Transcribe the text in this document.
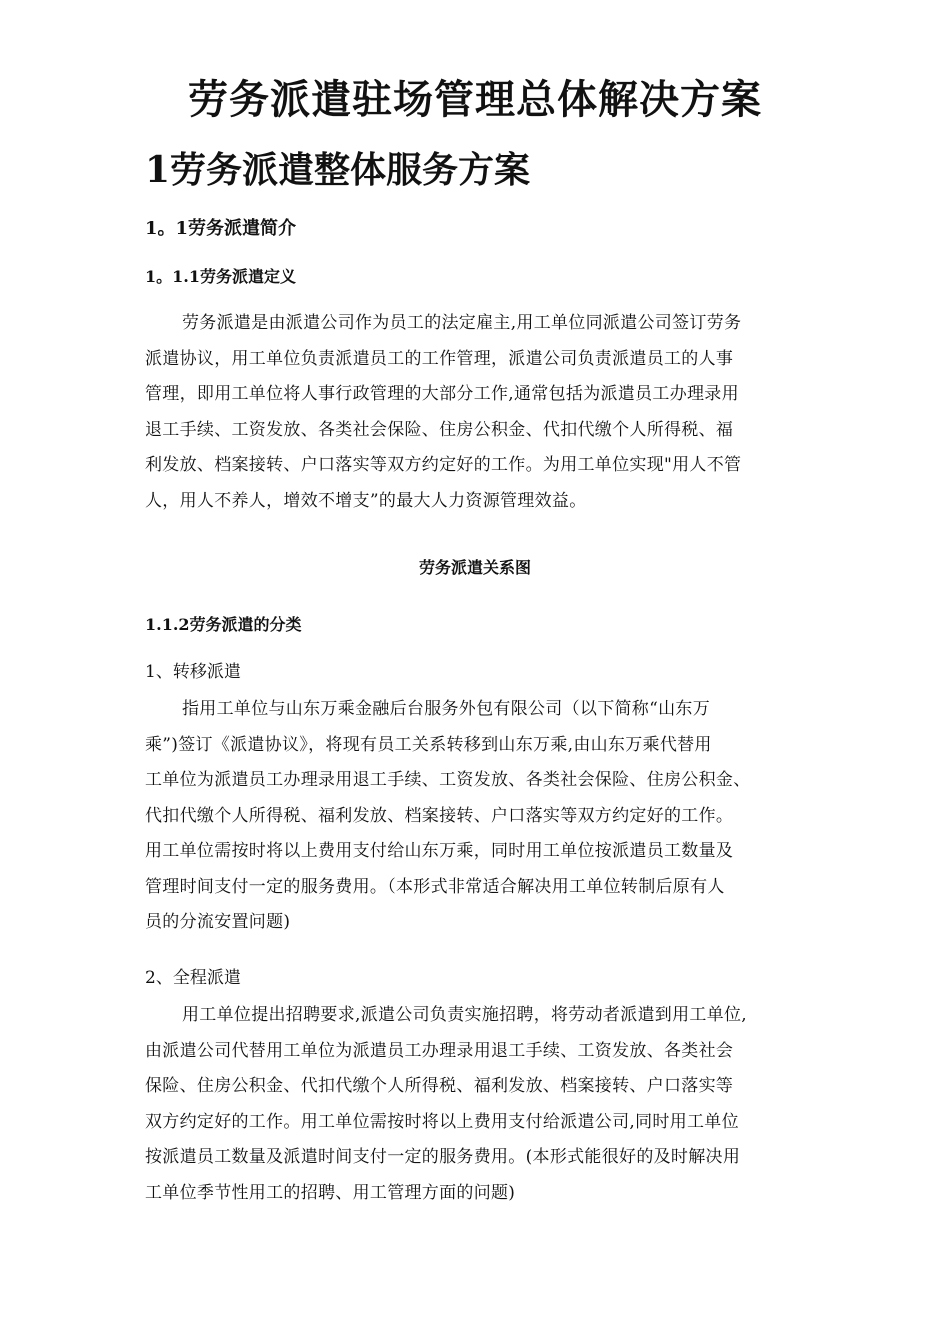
劳务派遣驻场管理总体解决方案
1劳务派遣整体服务方案
1。1劳务派遣简介
1。1.1劳务派遣定义
劳务派遣是由派遣公司作为员工的法定雇主,用工单位同派遣公司签订劳务
派遣协议，用工单位负责派遣员工的工作管理，派遣公司负责派遣员工的人事
管理，即用工单位将人事行政管理的大部分工作,通常包括为派遣员工办理录用
退工手续、工资发放、各类社会保险、住房公积金、代扣代缴个人所得税、福
利发放、档案接转、户口落实等双方约定好的工作。为用工单位实现"用人不管
人，用人不养人，增效不增支”的最大人力资源管理效益。
劳务派遣关系图
1.1.2劳务派遣的分类
1、转移派遣
指用工单位与山东万乘金融后台服务外包有限公司（以下简称“山东万
乘”)签订《派遣协议》，将现有员工关系转移到山东万乘,由山东万乘代替用
工单位为派遣员工办理录用退工手续、工资发放、各类社会保险、住房公积金、
代扣代缴个人所得税、福利发放、档案接转、户口落实等双方约定好的工作。
用工单位需按时将以上费用支付给山东万乘，同时用工单位按派遣员工数量及
管理时间支付一定的服务费用。（本形式非常适合解决用工单位转制后原有人
员的分流安置问题)
2、全程派遣
用工单位提出招聘要求,派遣公司负责实施招聘，将劳动者派遣到用工单位,
由派遣公司代替用工单位为派遣员工办理录用退工手续、工资发放、各类社会
保险、住房公积金、代扣代缴个人所得税、福利发放、档案接转、户口落实等
双方约定好的工作。用工单位需按时将以上费用支付给派遣公司,同时用工单位
按派遣员工数量及派遣时间支付一定的服务费用。(本形式能很好的及时解决用
工单位季节性用工的招聘、用工管理方面的问题)
